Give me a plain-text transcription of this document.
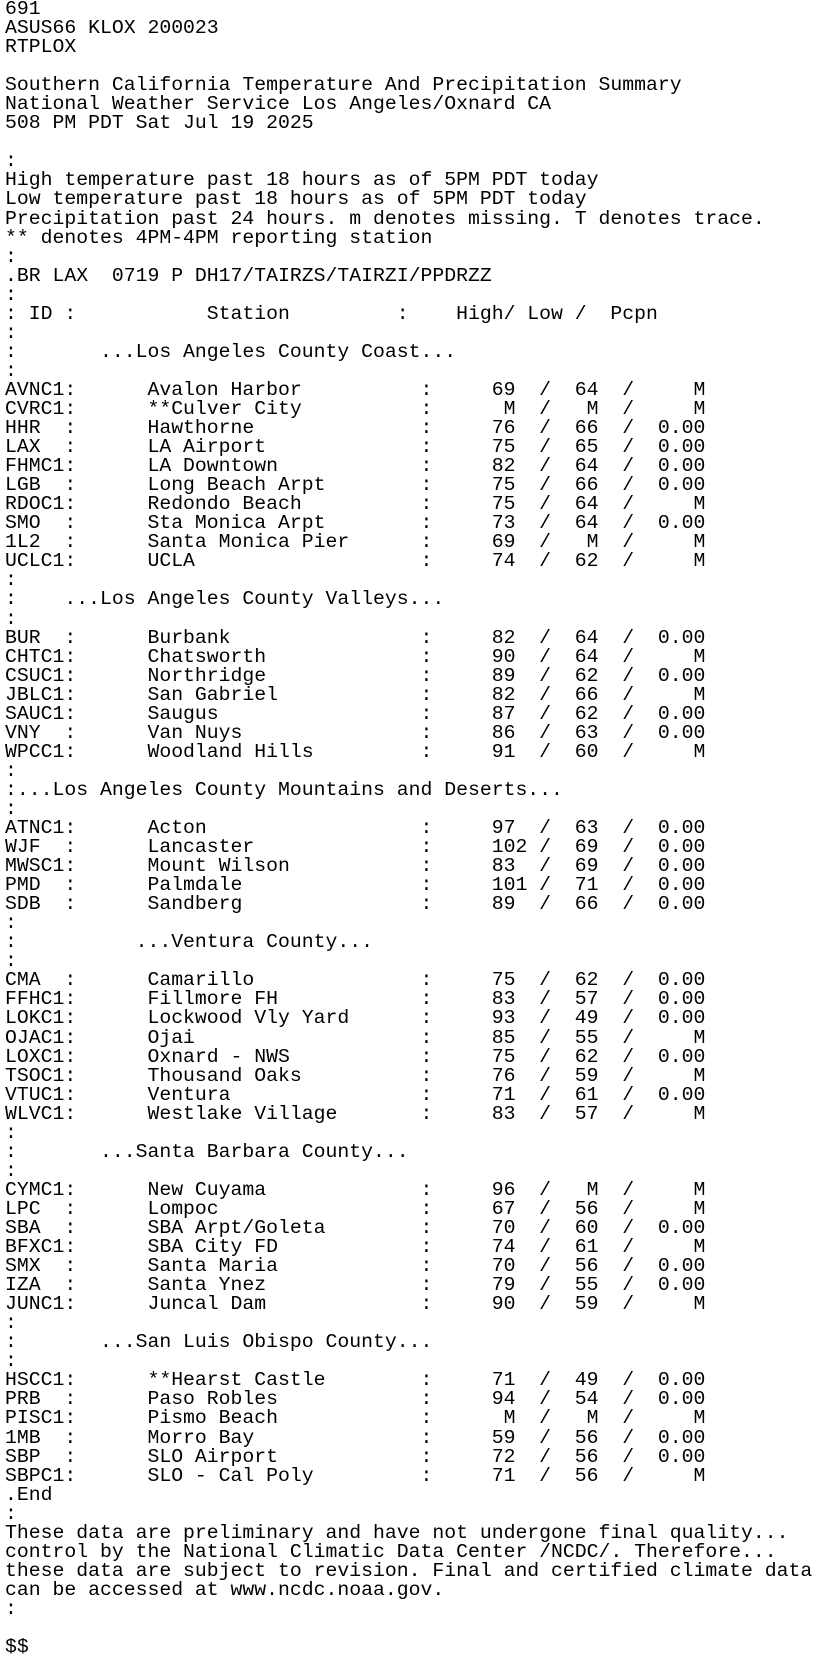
691
ASUS66 KLOX 200023
RTPLOX
Southern California Temperature And Precipitation Summary
National Weather Service Los Angeles/Oxnard CA
508 PM PDT Sat Jul 19 2025
:
High temperature past 18 hours as of 5PM PDT today
Low temperature past 18 hours as of 5PM PDT today
Precipitation past 24 hours. m denotes missing. T denotes trace.
** denotes 4PM-4PM reporting station
:
.BR LAX  0719 P DH17/TAIRZS/TAIRZI/PPDRZZ
:
: ID :           Station         :    High/ Low /  Pcpn
:
:       ...Los Angeles County Coast...
:
AVNC1:      Avalon Harbor          :     69  /  64  /     M
CVRC1:      **Culver City          :      M  /   M  /     M
HHR  :      Hawthorne              :     76  /  66  /  0.00
LAX  :      LA Airport             :     75  /  65  /  0.00
FHMC1:      LA Downtown            :     82  /  64  /  0.00
LGB  :      Long Beach Arpt        :     75  /  66  /  0.00
RDOC1:      Redondo Beach          :     75  /  64  /     M
SMO  :      Sta Monica Arpt        :     73  /  64  /  0.00
1L2  :      Santa Monica Pier      :     69  /   M  /     M
UCLC1:      UCLA                   :     74  /  62  /     M
:
:    ...Los Angeles County Valleys...
:
BUR  :      Burbank                :     82  /  64  /  0.00
CHTC1:      Chatsworth             :     90  /  64  /     M
CSUC1:      Northridge             :     89  /  62  /  0.00
JBLC1:      San Gabriel            :     82  /  66  /     M
SAUC1:      Saugus                 :     87  /  62  /  0.00
VNY  :      Van Nuys               :     86  /  63  /  0.00
WPCC1:      Woodland Hills         :     91  /  60  /     M
:
:...Los Angeles County Mountains and Deserts...
:
ATNC1:      Acton                  :     97  /  63  /  0.00
WJF  :      Lancaster              :     102 /  69  /  0.00
MWSC1:      Mount Wilson           :     83  /  69  /  0.00
PMD  :      Palmdale               :     101 /  71  /  0.00
SDB  :      Sandberg               :     89  /  66  /  0.00
:
:          ...Ventura County...
:
CMA  :      Camarillo              :     75  /  62  /  0.00
FFHC1:      Fillmore FH            :     83  /  57  /  0.00
LOKC1:      Lockwood Vly Yard      :     93  /  49  /  0.00
OJAC1:      Ojai                   :     85  /  55  /     M
LOXC1:      Oxnard - NWS           :     75  /  62  /  0.00
TSOC1:      Thousand Oaks          :     76  /  59  /     M
VTUC1:      Ventura                :     71  /  61  /  0.00
WLVC1:      Westlake Village       :     83  /  57  /     M
:
:       ...Santa Barbara County...
:
CYMC1:      New Cuyama             :     96  /   M  /     M
LPC  :      Lompoc                 :     67  /  56  /     M
SBA  :      SBA Arpt/Goleta        :     70  /  60  /  0.00
BFXC1:      SBA City FD            :     74  /  61  /     M
SMX  :      Santa Maria            :     70  /  56  /  0.00
IZA  :      Santa Ynez             :     79  /  55  /  0.00
JUNC1:      Juncal Dam             :     90  /  59  /     M
:
:       ...San Luis Obispo County...
:
HSCC1:      **Hearst Castle        :     71  /  49  /  0.00
PRB  :      Paso Robles            :     94  /  54  /  0.00
PISC1:      Pismo Beach            :      M  /   M  /     M
1MB  :      Morro Bay              :     59  /  56  /  0.00
SBP  :      SLO Airport            :     72  /  56  /  0.00
SBPC1:      SLO - Cal Poly         :     71  /  56  /     M
.End
:
These data are preliminary and have not undergone final quality...
control by the National Climatic Data Center /NCDC/. Therefore...
these data are subject to revision. Final and certified climate data
can be accessed at www.ncdc.noaa.gov.
:
$$
